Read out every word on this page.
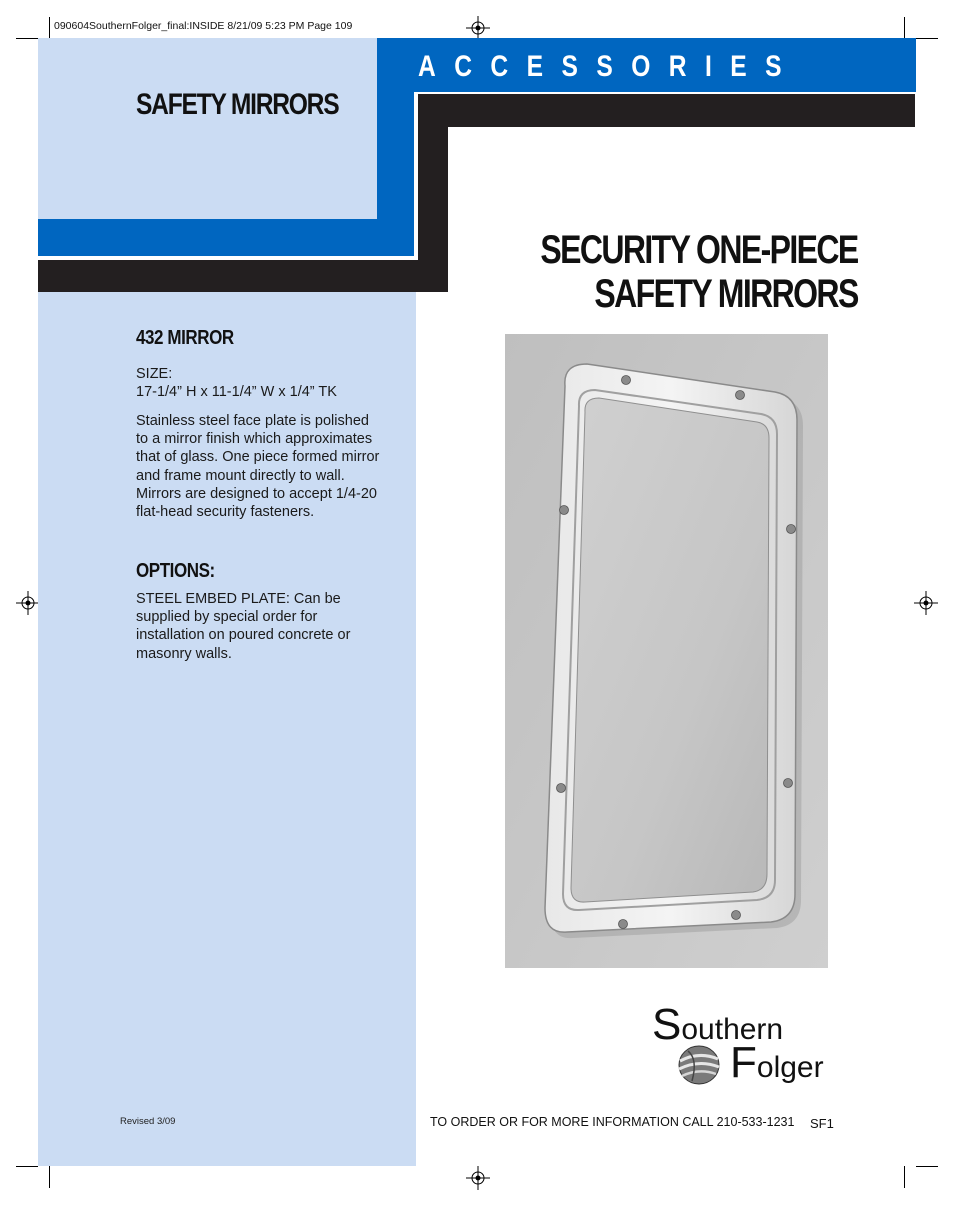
090604SouthernFolger_final:INSIDE 8/21/09 5:23 PM Page 109
ACCESSORIES
SAFETY MIRRORS
SECURITY ONE-PIECE
SAFETY MIRRORS
432 MIRROR
SIZE:
17-1/4” H x 11-1/4” W x 1/4” TK
Stainless steel face plate is polished to a mirror finish which approximates that of glass. One piece formed mirror and frame mount directly to wall. Mirrors are designed to accept 1/4-20 flat-head security fasteners.
OPTIONS:
STEEL EMBED PLATE: Can be supplied by special order for installation on poured concrete or masonry walls.
Southern
Folger
Revised 3/09	TO ORDER OR FOR MORE INFORMATION CALL 210-533-1231 SF1
